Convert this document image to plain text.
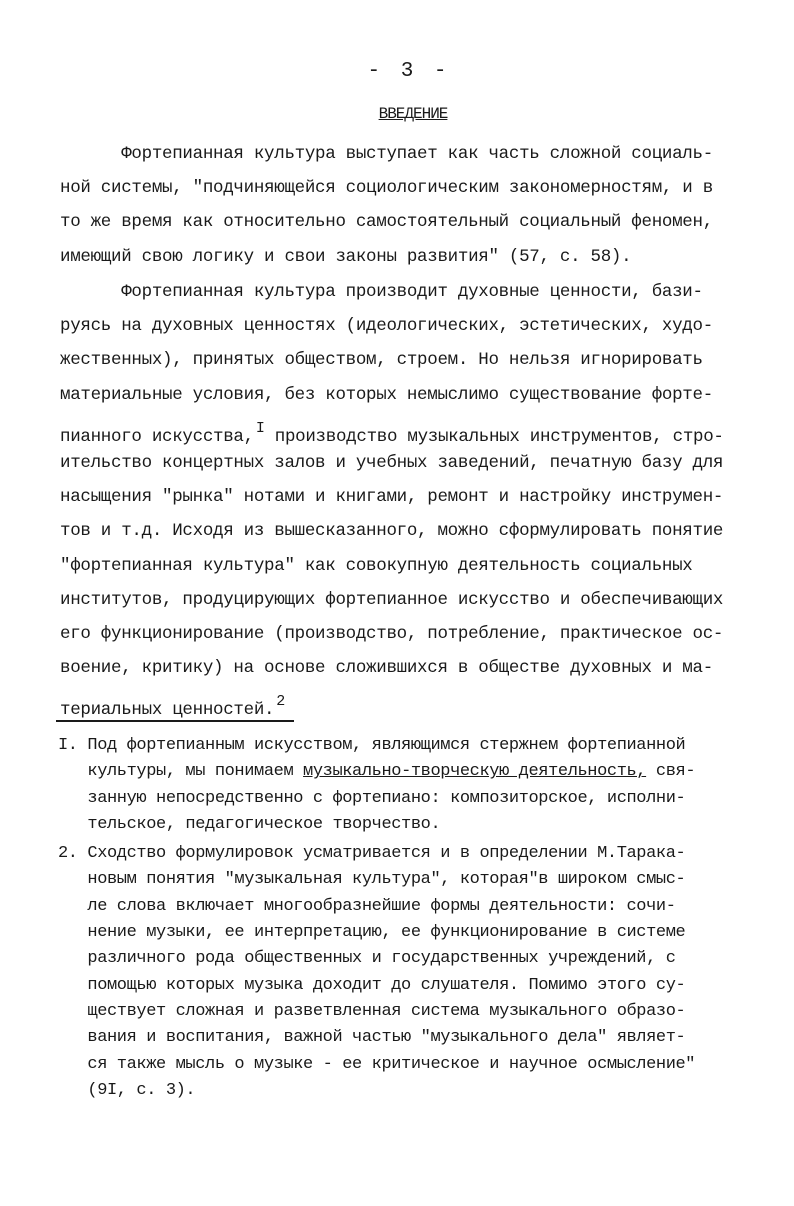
- 3 -
ВВЕДЕНИЕ
Фортепианная культура выступает как часть сложной социаль-
ной системы, "подчиняющейся социологическим закономерностям, и в
то же время как относительно самостоятельный социальный феномен,
имеющий свою логику и свои законы развития" (57, с. 58).
Фортепианная культура производит духовные ценности, бази-
руясь на духовных ценностях (идеологических, эстетических, худо-
жественных), принятых обществом, строем. Но нельзя игнорировать
материальные условия, без которых немыслимо существование форте-
пианного искусства, I производство музыкальных инструментов, стро-
ительство концертных залов и учебных заведений, печатную базу для
насыщения "рынка" нотами и книгами, ремонт и настройку инструмен-
тов и т.д. Исходя из вышесказанного, можно сформулировать понятие
"фортепианная культура" как совокупную деятельность социальных
институтов, продуцирующих фортепианное искусство и обеспечивающих
его функционирование (производство, потребление, практическое ос-
воение, критику) на основе сложившихся в обществе духовных и ма-
териальных ценностей. 2
I. Под фортепианным искусством, являющимся стержнем фортепианной
культуры, мы понимаем музыкально-творческую деятельность, свя-
занную непосредственно с фортепиано: композиторское, исполни-
тельское, педагогическое творчество.
2. Сходство формулировок усматривается и в определении М.Тарака-
новым понятия "музыкальная культура", которая"в широком смыс-
ле слова включает многообразнейшие формы деятельности: сочи-
нение музыки, ее интерпретацию, ее функционирование в системе
различного рода общественных и государственных учреждений, с
помощью которых музыка доходит до слушателя. Помимо этого су-
ществует сложная и разветвленная система музыкального образо-
вания и воспитания, важной частью "музыкального дела" являет-
ся также мысль о музыке - ее критическое и научное осмысление"
(9I, с. 3).
